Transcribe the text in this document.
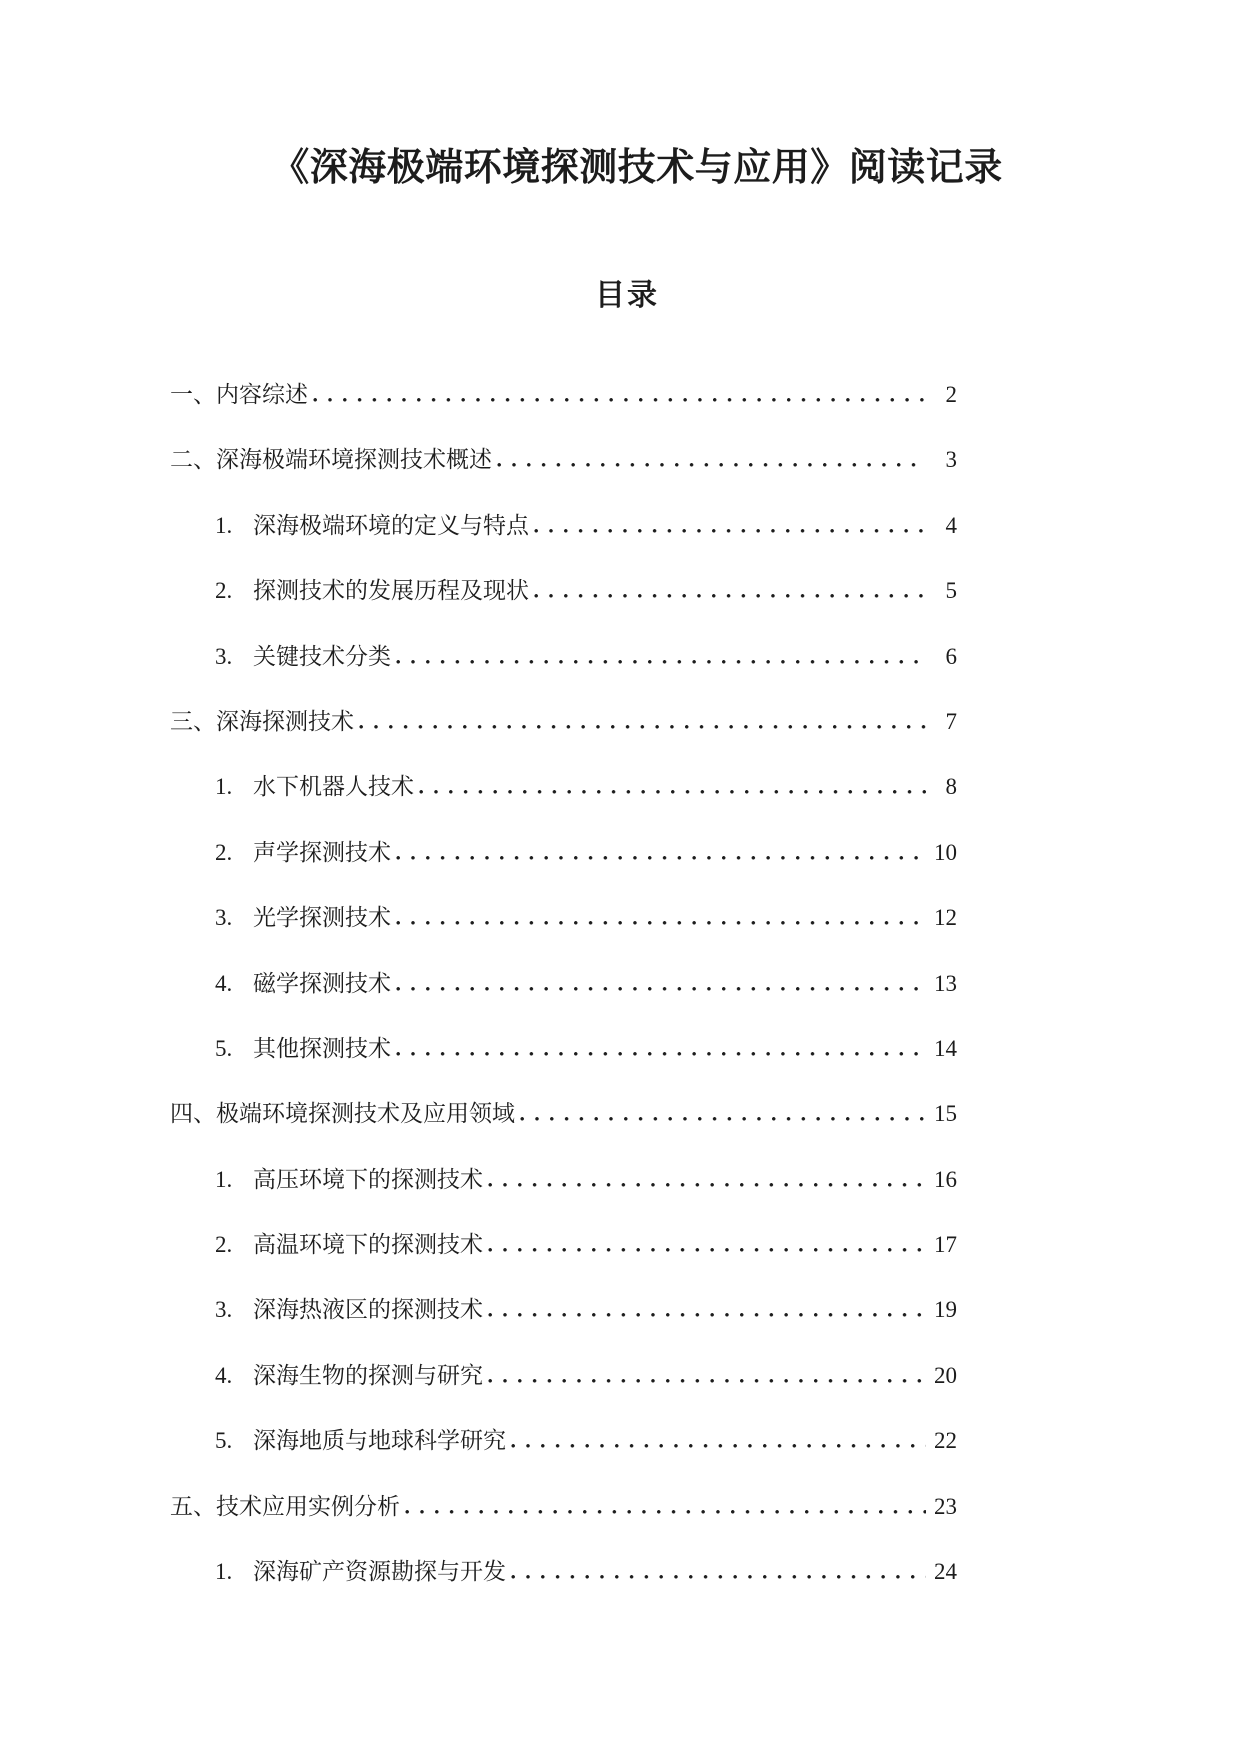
《深海极端环境探测技术与应用》阅读记录
目录
一、内容综述	2
二、深海极端环境探测技术概述	3
1. 深海极端环境的定义与特点	4
2. 探测技术的发展历程及现状	5
3. 关键技术分类	6
三、深海探测技术	7
1. 水下机器人技术	8
2. 声学探测技术	10
3. 光学探测技术	12
4. 磁学探测技术	13
5. 其他探测技术	14
四、极端环境探测技术及应用领域	15
1. 高压环境下的探测技术	16
2. 高温环境下的探测技术	17
3. 深海热液区的探测技术	19
4. 深海生物的探测与研究	20
5. 深海地质与地球科学研究	22
五、技术应用实例分析	23
1. 深海矿产资源勘探与开发	24
